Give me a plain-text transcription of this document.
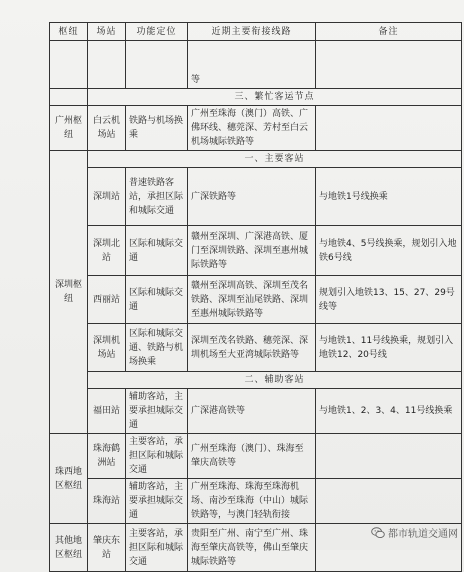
枢纽	场站	功能定位	近期主要衔接线路	备注
			等	
	三、繁忙客运节点			
广州枢纽	白云机场站	铁路与机场换乘	广州至珠海（澳门）高铁、广佛环线、穗莞深、芳村至白云机场城际铁路等	
深圳枢纽	一、主要客站			
	深圳站	普速铁路客站，承担区际和城际交通	广深铁路等	与地铁1号线换乘
	深圳北站	区际和城际交通	赣州至深圳、广深港高铁、厦门至深圳铁路、深圳至惠州城际铁路等	与地铁4、5号线换乘，规划引入地铁6号线
	西丽站	区际和城际交通	赣州至深圳高铁、深圳至茂名铁路、深圳至汕尾铁路、深圳至惠州城际铁路等	规划引入地铁13、15、27、29号线等
	深圳机场站	区际和城际交通、铁路与机场换乘	深圳至茂名铁路、穗莞深、深圳机场至大亚湾城际铁路等	与地铁1、11号线换乘，规划引入地铁12、20号线
	二、辅助客站			
	福田站	辅助客站，主要承担城际交通	广深港高铁等	与地铁1、2、3、4、11号线换乘

珠西地区枢纽	珠海鹤洲站	主要客站，承担区际和城际交通	广州至珠海（澳门）、珠海至肇庆高铁等	
	珠海站	辅助客站，主要承担城际交通	广州至珠海、珠海至珠海机场、南沙至珠海（中山）城际铁路等，与澳门轻轨衔接	
其他地区枢纽	肇庆东站	主要客站，承担区际和城际交通	贵阳至广州、南宁至广州、珠海至肇庆高铁等，佛山至肇庆城际铁路等	
都市轨道交通网
